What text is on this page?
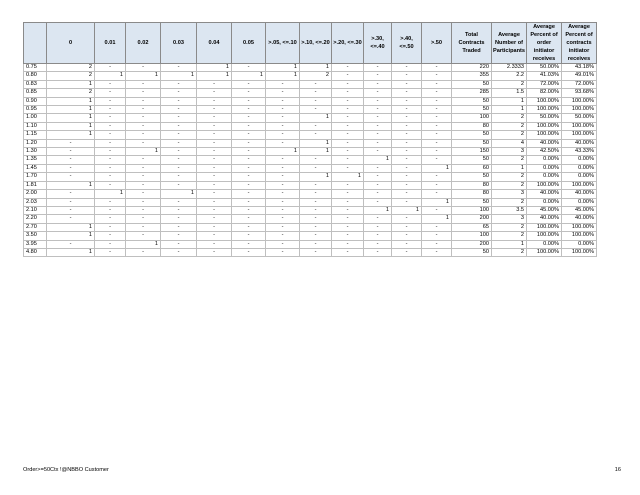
	0	0.01	0.02	0.03	0.04	0.05	>.05, <=.10	>.10, <=.20	>.20, <=.30	>.30, <=.40	>.40, <=.50	>.50	Total Contracts Traded	Average Number of Participants	Average Percent of order initiator receives	Average Percent of contracts initiator receives
0.75	2	-	-	-	1	-	1	1	-	-	-	-	220	2.3333	50.00%	43.18%
0.80	2	1	1	1	1	1	1	2	-	-	-	-	355	2.2	41.03%	49.01%
0.83	1	-	-	-	-	-	-	-	-	-	-	-	50	2	72.00%	72.00%
0.85	2	-	-	-	-	-	-	-	-	-	-	-	285	1.5	82.00%	93.68%
0.90	1	-	-	-	-	-	-	-	-	-	-	-	50	1	100.00%	100.00%
0.95	1	-	-	-	-	-	-	-	-	-	-	-	50	1	100.00%	100.00%
1.00	1	-	-	-	-	-	-	1	-	-	-	-	100	2	50.00%	50.00%
1.10	1	-	-	-	-	-	-	-	-	-	-	-	80	2	100.00%	100.00%
1.15	1	-	-	-	-	-	-	-	-	-	-	-	50	2	100.00%	100.00%
1.20	-	-	-	-	-	-	-	1	-	-	-	-	50	4	40.00%	40.00%
1.30	-	-	1	-	-	-	1	1	-	-	-	-	150	3	42.50%	43.33%
1.35	-	-	-	-	-	-	-	-	-	1	-	-	50	2	0.00%	0.00%
1.45	-	-	-	-	-	-	-	-	-	-	-	1	60	1	0.00%	0.00%
1.70	-	-	-	-	-	-	-	1	1	-	-	-	50	2	0.00%	0.00%
1.81	1	-	-	-	-	-	-	-	-	-	-	-	80	2	100.00%	100.00%
2.00	-	1	-	1	-	-	-	-	-	-	-	-	80	3	40.00%	40.00%
2.03	-	-	-	-	-	-	-	-	-	-	-	1	50	2	0.00%	0.00%
2.10	-	-	-	-	-	-	-	-	-	1	1	-	100	3.5	45.00%	45.00%
2.20	-	-	-	-	-	-	-	-	-	-	-	1	200	3	40.00%	40.00%
2.70	1	-	-	-	-	-	-	-	-	-	-	-	65	2	100.00%	100.00%
3.50	1	-	-	-	-	-	-	-	-	-	-	-	100	2	100.00%	100.00%
3.95	-	-	1	-	-	-	-	-	-	-	-	-	200	1	0.00%	0.00%
4.80	1	-	-	-	-	-	-	-	-	-	-	-	50	2	100.00%	100.00%
Order>=50Ctx !@NBBO Customer	16
